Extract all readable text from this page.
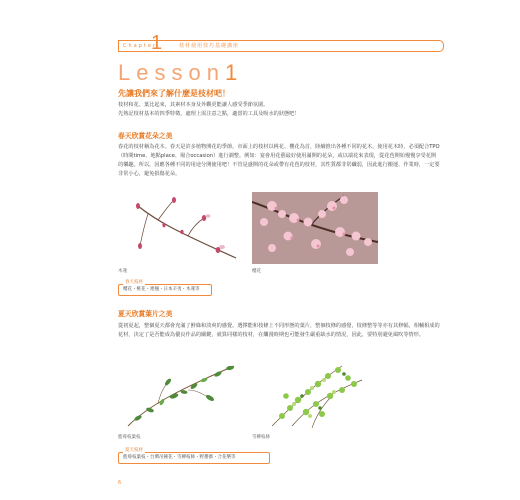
Chapter
1	枝材使用技巧基礎講座
Lesson1
先讓我們來了解什麼是枝材吧！
枝材和花、葉比起來，其素材本身及外觀更能讓人感受季節氛圍。
先熟記枝材基本的四季特徵，處理上需注意之點，適當的工具及吸水的狀態吧！
春天欣賞花朵之美
春花的枝材稱為花木。春天是許多植物開花的季節，市面上的枝材以桃花、櫻花為首，陸續推出各種不同的花木。使用花木時，必須配合TPO（時間time、地點place、場合occasion）進行調整。例如：宴會用花藝最好使用滿開的花朵，或以端花來表現，從花苞開始慢慢享受花開的樂趣。所以，因應各種不同的用途分開使用吧！不管是盛開的花朵或帶有花苞的枝材，其性質都非常纖弱，因此進行搬運、作業時，一定要非常小心，避免損傷花朵。
木蓮	櫻花
春天枝材
櫻花・桃花・連翹・日本辛夷・木蓮等
夏天欣賞葉片之美
從初夏起，整個夏天都會充滿了鮮綠和淡爽的感覺。選擇能和枝條上不同形態的葉片，整個枝條的感覺，枝條整等等亦有其修幅，相輔相成的花材，決定了是否能成為優良作品的關鍵，就算同樣的枝材，在爛漫時期也可能發生嚴重缺水的情況，因此，要特別避免風吹等情形。
藍莓枝葉枝	雪柳枝條
夏天枝材
藍莓枝葉枝・台灣吊鐘花・雪柳枝條・野薔薇・合花樂等
6
